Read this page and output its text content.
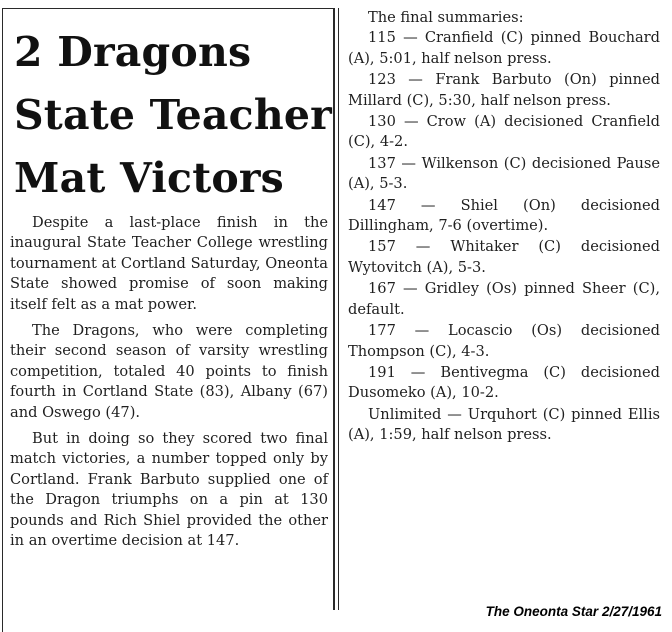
2 Dragons
State Teacher
Mat Victors

Despite a last-place finish in the inaugural State Teacher College wrestling tournament at Cortland Saturday, Oneonta State showed promise of soon making itself felt as a mat power.

The Dragons, who were completing their second season of varsity wrestling competition, totaled 40 points to finish fourth in Cortland State (83), Albany (67) and Oswego (47).

But in doing so they scored two final match victories, a number topped only by Cortland. Frank Barbuto supplied one of the Dragon triumphs on a pin at 130 pounds and Rich Shiel provided the other in an overtime decision at 147.

The final summaries:

115 — Cranfield (C) pinned Bouchard (A), 5:01, half nelson press.

123 — Frank Barbuto (On) pinned Millard (C), 5:30, half nelson press.

130 — Crow (A) decisioned Cranfield (C), 4-2.

137 — Wilkenson (C) decisioned Pause (A), 5-3.

147 — Shiel (On) decisioned Dillingham, 7-6 (overtime).

157 — Whitaker (C) decisioned Wytovitch (A), 5-3.

167 — Gridley (Os) pinned Sheer (C), default.

177 — Locascio (Os) decisioned Thompson (C), 4-3.

191 — Bentivegma (C) decisioned Dusomeko (A), 10-2.

Unlimited — Urquhort (C) pinned Ellis (A), 1:59, half nelson press.

The Oneonta Star 2/27/1961
